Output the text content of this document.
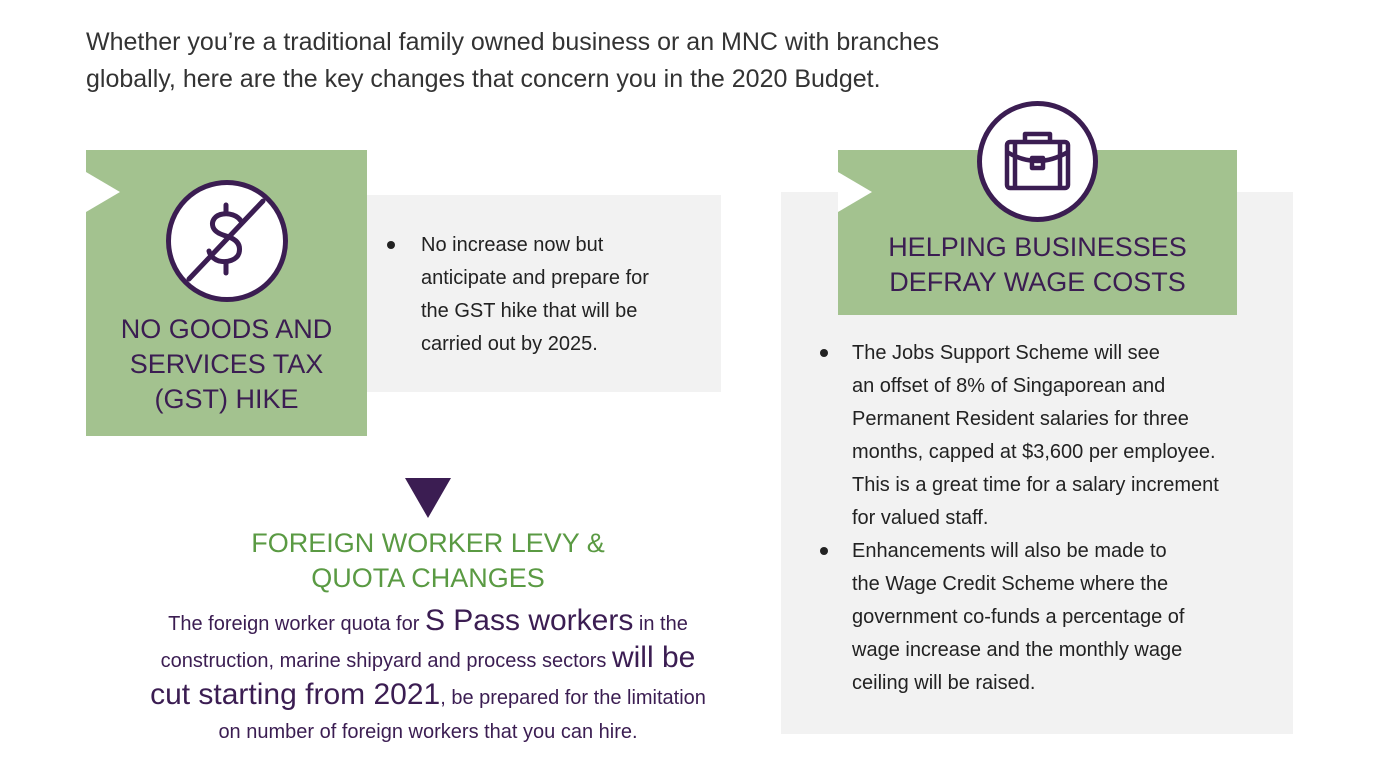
Whether you’re a traditional family owned business or an MNC with branches
globally, here are the key changes that concern you in the 2020 Budget.

NO GOODS AND
SERVICES TAX
(GST) HIKE
No increase now but
anticipate and prepare for
the GST hike that will be
carried out by 2025.
FOREIGN WORKER LEVY &
QUOTA CHANGES
The foreign worker quota for S Pass workers in the
construction, marine shipyard and process sectors will be
cut starting from 2021, be prepared for the limitation
on number of foreign workers that you can hire.
HELPING BUSINESSES
DEFRAY WAGE COSTS
The Jobs Support Scheme will see
an offset of 8% of Singaporean and
Permanent Resident salaries for three
months, capped at $3,600 per employee.
This is a great time for a salary increment
for valued staff.
Enhancements will also be made to
the Wage Credit Scheme where the
government co-funds a percentage of
wage increase and the monthly wage
ceiling will be raised.
